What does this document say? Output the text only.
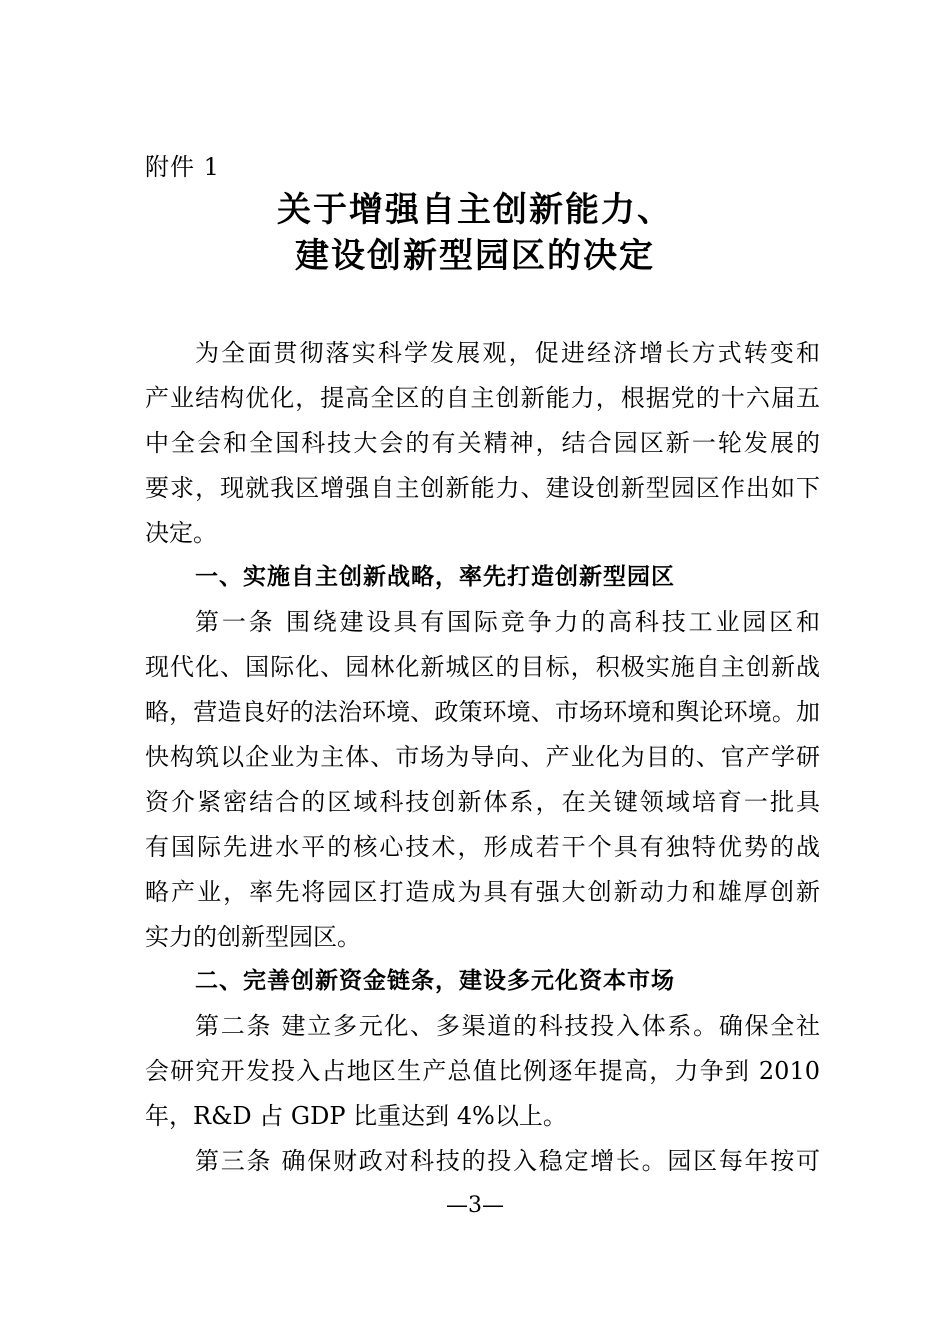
附件 1
关于增强自主创新能力、
建设创新型园区的决定
为全面贯彻落实科学发展观，促进经济增长方式转变和
产业结构优化，提高全区的自主创新能力，根据党的十六届五
中全会和全国科技大会的有关精神，结合园区新一轮发展的
要求，现就我区增强自主创新能力、建设创新型园区作出如下
决定。
一、实施自主创新战略，率先打造创新型园区
第一条 围绕建设具有国际竞争力的高科技工业园区和
现代化、国际化、园林化新城区的目标，积极实施自主创新战
略，营造良好的法治环境、政策环境、市场环境和舆论环境。加
快构筑以企业为主体、市场为导向、产业化为目的、官产学研
资介紧密结合的区域科技创新体系，在关键领域培育一批具
有国际先进水平的核心技术，形成若干个具有独特优势的战
略产业，率先将园区打造成为具有强大创新动力和雄厚创新
实力的创新型园区。
二、完善创新资金链条，建设多元化资本市场
第二条 建立多元化、多渠道的科技投入体系。确保全社
会研究开发投入占地区生产总值比例逐年提高，力争到 2010
年，R&D 占 GDP 比重达到 4%以上。
第三条 确保财政对科技的投入稳定增长。园区每年按可
—3—
